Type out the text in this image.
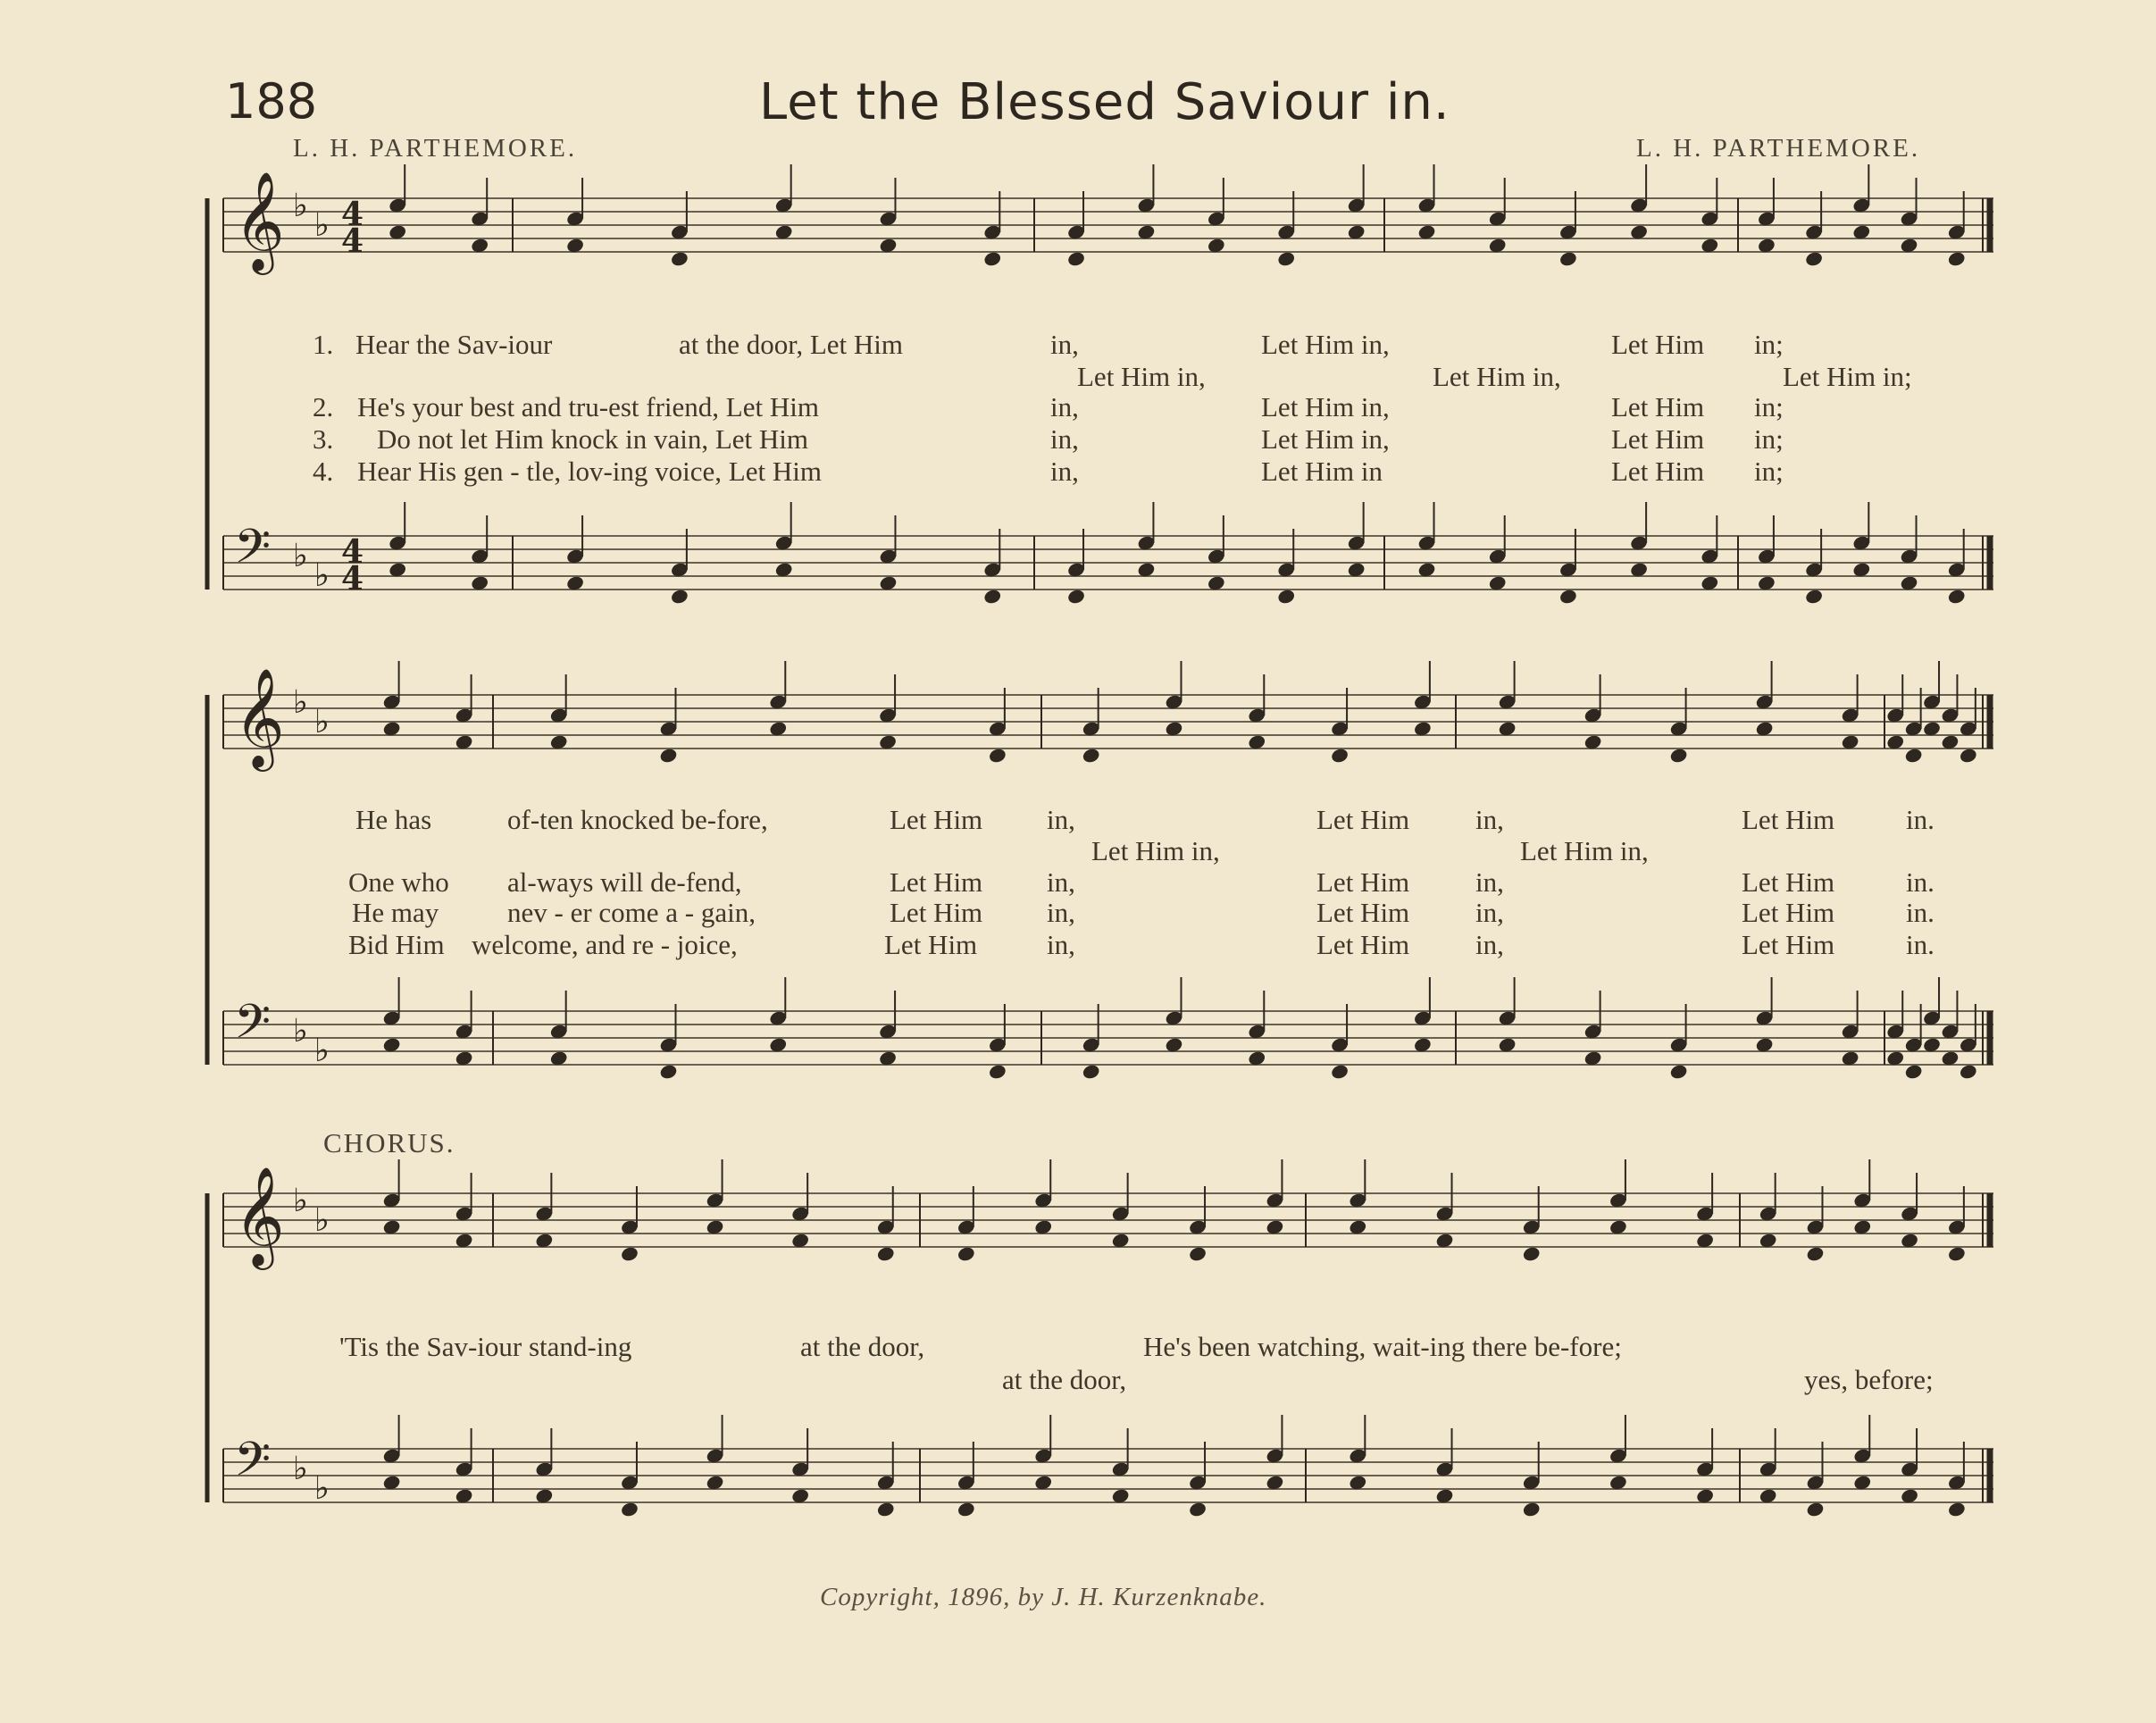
188	Let the Blessed Saviour in.
L. H. PARTHEMORE.	L. H. PARTHEMORE.
𝄞 ♭
♭
𝄢 ♭
♭
𝄞 ♭
♭
𝄢 ♭
♭
𝄞 ♭
♭
𝄢 ♭
♭
4
4
4
4
1. Hear the Sav-iour	at the door, Let Him	in,	Let Him in,	Let Him in;
Let Him in,	Let Him in,	Let Him in;
2. He's your best and tru-est friend, Let Him	in,	Let Him in,	Let Him in;
3. Do not let Him knock in vain, Let Him	in,	Let Him in,	Let Him in;
4. Hear His gen - tle, lov-ing voice, Let Him	in,	Let Him in	Let Him in;
He has	of-ten knocked be-fore,	Let Him in,	Let Him in,	Let Him	in.
Let Him in,	Let Him in,
One who al-ways will de-fend,	Let Him in,	Let Him in,	Let Him	in.
He may nev - er come a - gain,	Let Him in,	Let Him in,	Let Him	in.
Bid Him welcome, and re - joice,	Let Him	in,	Let Him in,	Let Him	in.
CHORUS.
'Tis the Sav-iour stand-ing	at the door,	He's been watching, wait-ing there be-fore;
at the door,	yes, before;
Copyright, 1896, by J. H. Kurzenknabe.
